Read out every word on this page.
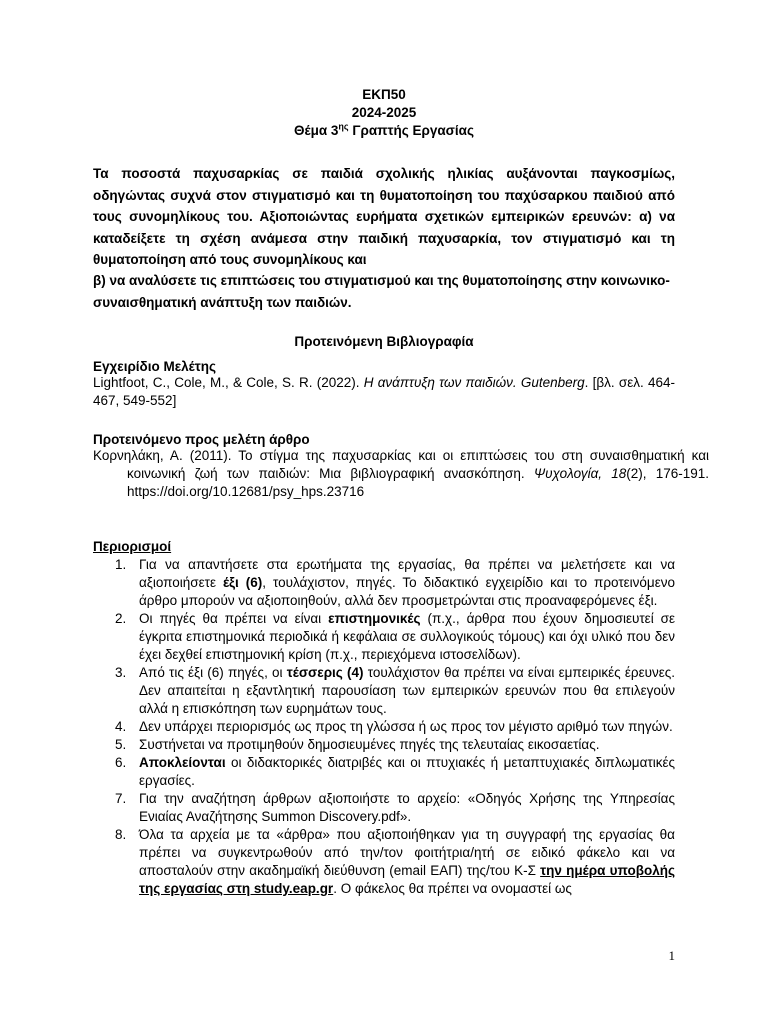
ΕΚΠ50
2024-2025
Θέμα $3^{\eta\varsigma}$ Γραπτής Εργασίας
Τα ποσοστά παχυσαρκίας σε παιδιά σχολικής ηλικίας αυξάνονται παγκοσμίως, οδηγώντας συχνά στον στιγματισμό και τη θυματοποίηση του παχύσαρκου παιδιού από τους συνομηλίκους του. Αξιοποιώντας ευρήματα σχετικών εμπειρικών ερευνών: α) να καταδείξετε τη σχέση ανάμεσα στην παιδική παχυσαρκία, τον στιγματισμό και τη θυματοποίηση από τους συνομηλίκους και
β) να αναλύσετε τις επιπτώσεις του στιγματισμού και της θυματοποίησης στην κοινωνικο-συναισθηματική ανάπτυξη των παιδιών.
Προτεινόμενη Βιβλιογραφία
Εγχειρίδιο Μελέτης
Lightfoot, C., Cole, M., & Cole, S. R. (2022). Η ανάπτυξη των παιδιών. Gutenberg. [βλ. σελ. 464-467, 549-552]
Προτεινόμενο προς μελέτη άρθρο
Κορνηλάκη, Α. (2011). Το στίγμα της παχυσαρκίας και οι επιπτώσεις του στη συναισθηματική και κοινωνική ζωή των παιδιών: Μια βιβλιογραφική ανασκόπηση. Ψυχολογία, 18(2), 176-191. https://doi.org/10.12681/psy_hps.23716
Περιορισμοί
1. Για να απαντήσετε στα ερωτήματα της εργασίας, θα πρέπει να μελετήσετε και να αξιοποιήσετε έξι (6), τουλάχιστον, πηγές. Το διδακτικό εγχειρίδιο και το προτεινόμενο άρθρο μπορούν να αξιοποιηθούν, αλλά δεν προσμετρώνται στις προαναφερόμενες έξι.
2. Οι πηγές θα πρέπει να είναι επιστημονικές (π.χ., άρθρα που έχουν δημοσιευτεί σε έγκριτα επιστημονικά περιοδικά ή κεφάλαια σε συλλογικούς τόμους) και όχι υλικό που δεν έχει δεχθεί επιστημονική κρίση (π.χ., περιεχόμενα ιστοσελίδων).
3. Από τις έξι (6) πηγές, οι τέσσερις (4) τουλάχιστον θα πρέπει να είναι εμπειρικές έρευνες. Δεν απαιτείται η εξαντλητική παρουσίαση των εμπειρικών ερευνών που θα επιλεγούν αλλά η επισκόπηση των ευρημάτων τους.
4. Δεν υπάρχει περιορισμός ως προς τη γλώσσα ή ως προς τον μέγιστο αριθμό των πηγών.
5. Συστήνεται να προτιμηθούν δημοσιευμένες πηγές της τελευταίας εικοσαετίας.
6. Αποκλείονται οι διδακτορικές διατριβές και οι πτυχιακές ή μεταπτυχιακές διπλωματικές εργασίες.
7. Για την αναζήτηση άρθρων αξιοποιήστε το αρχείο: «Οδηγός Χρήσης της Υπηρεσίας Ενιαίας Αναζήτησης Summon Discovery.pdf».
8. Όλα τα αρχεία με τα «άρθρα» που αξιοποιήθηκαν για τη συγγραφή της εργασίας θα πρέπει να συγκεντρωθούν από την/τον φοιτήτρια/ητή σε ειδικό φάκελο και να αποσταλούν στην ακαδημαϊκή διεύθυνση (email ΕΑΠ) της/του Κ-Σ την ημέρα υποβολής της εργασίας στη study.eap.gr. Ο φάκελος θα πρέπει να ονομαστεί ως
1
